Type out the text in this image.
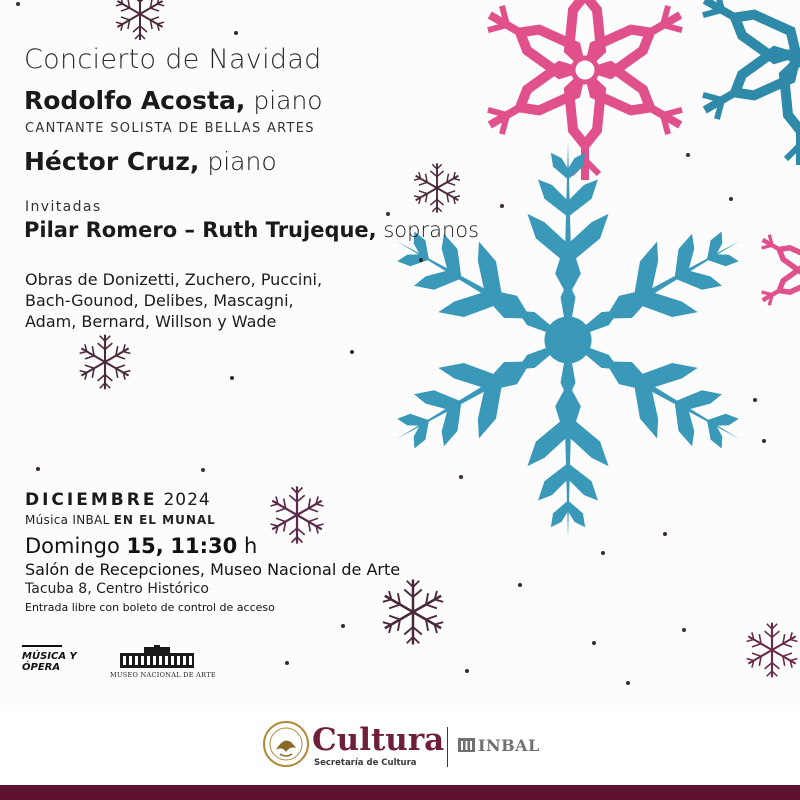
Concierto de Navidad
Rodolfo Acosta, piano
CANTANTE SOLISTA DE BELLAS ARTES
Héctor Cruz, piano
Invitadas
Pilar Romero – Ruth Trujeque, sopranos
Obras de Donizetti, Zuchero, Puccini,
Bach-Gounod, Delibes, Mascagni,
Adam, Bernard, Willson y Wade
DICIEMBRE 2024
Música INBAL EN EL MUNAL
Domingo 15, 11:30 h
Salón de Recepciones, Museo Nacional de Arte
Tacuba 8, Centro Histórico
Entrada libre con boleto de control de acceso
MÚSICA Y
ÓPERA
MUSEO NACIONAL DE ARTE
Cultura
Secretaría de Cultura
INBAL
